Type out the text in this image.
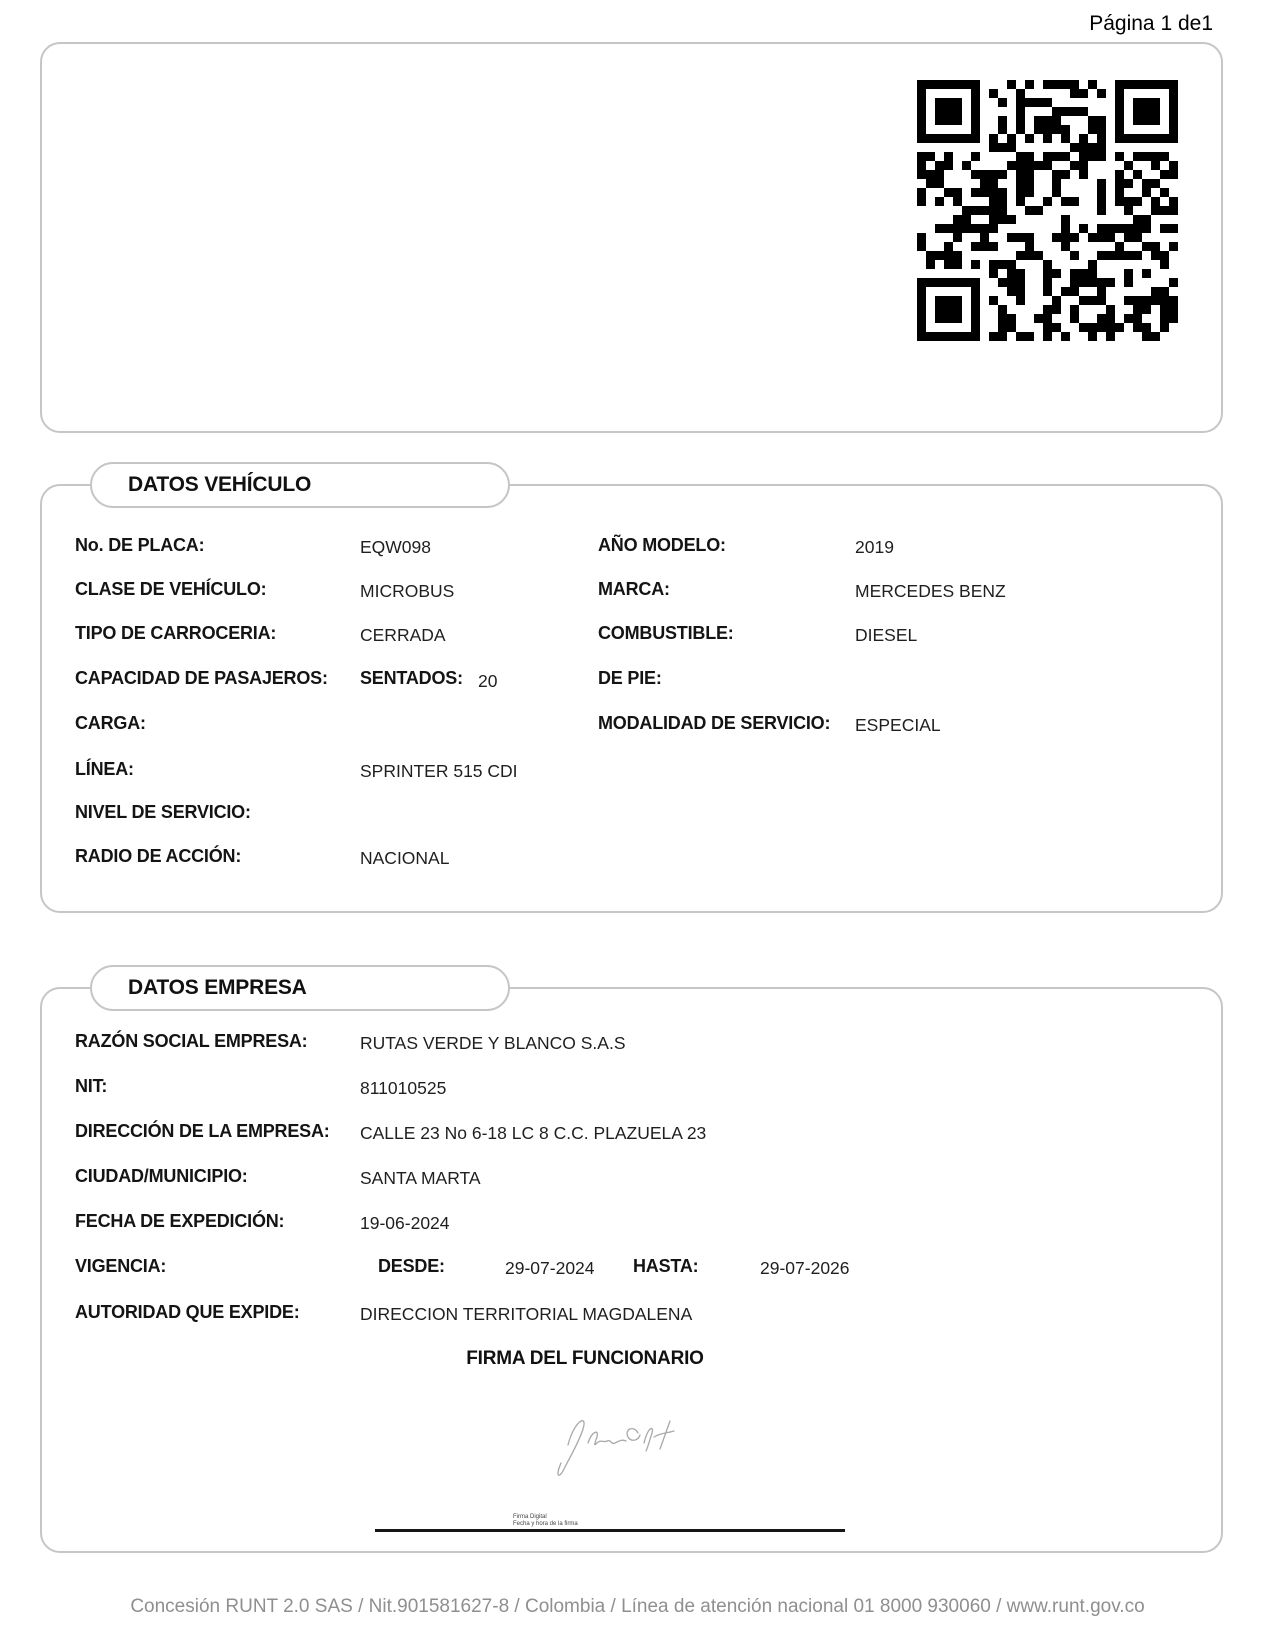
Página 1 de1
DATOS VEHÍCULO
No. DE PLACA:	EQW098	AÑO MODELO:	2019
CLASE DE VEHÍCULO:	MICROBUS	MARCA:	MERCEDES BENZ
TIPO DE CARROCERIA:	CERRADA	COMBUSTIBLE:	DIESEL
CAPACIDAD DE PASAJEROS: SENTADOS: 20	DE PIE:
CARGA:	MODALIDAD DE SERVICIO: ESPECIAL
LÍNEA:	SPRINTER 515 CDI
NIVEL DE SERVICIO:
RADIO DE ACCIÓN:	NACIONAL
DATOS EMPRESA
RAZÓN SOCIAL EMPRESA:	RUTAS VERDE Y BLANCO S.A.S
NIT:	811010525
DIRECCIÓN DE LA EMPRESA: CALLE 23 No 6-18 LC 8 C.C. PLAZUELA 23
CIUDAD/MUNICIPIO:	SANTA MARTA
FECHA DE EXPEDICIÓN:	19-06-2024
VIGENCIA:	DESDE:	29-07-2024 HASTA:	29-07-2026
AUTORIDAD QUE EXPIDE:	DIRECCION TERRITORIAL MAGDALENA
FIRMA DEL FUNCIONARIO
Firma Digital
Fecha y hora de la firma
Concesión RUNT 2.0 SAS / Nit.901581627-8 / Colombia / Línea de atención nacional 01 8000 930060 / www.runt.gov.co
